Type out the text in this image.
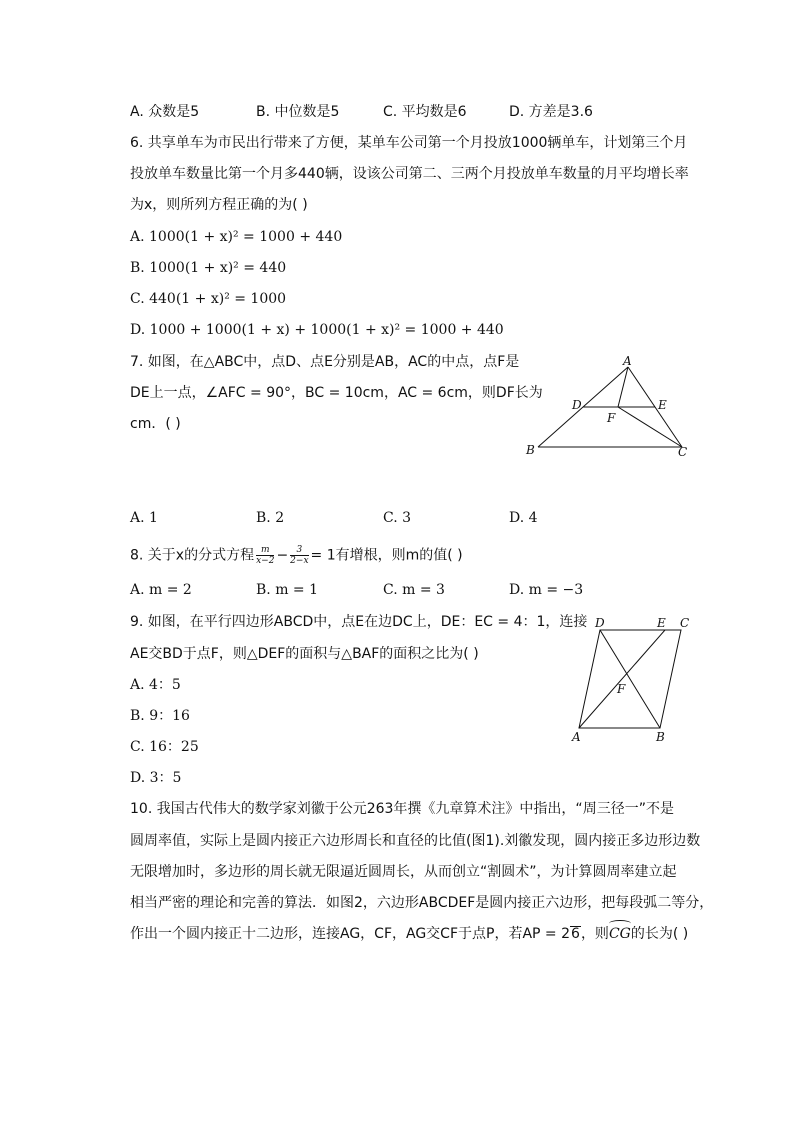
A. 众数是5	B. 中位数是5	C. 平均数是6	D. 方差是3.6
6. 共享单车为市民出行带来了方便，某单车公司第一个月投放1000辆单车，计划第三个月
投放单车数量比第一个月多440辆，设该公司第二、三两个月投放单车数量的月平均增长率
为x，则所列方程正确的为( )
A. 1000(1 + x)² = 1000 + 440
B. 1000(1 + x)² = 440
C. 440(1 + x)² = 1000
D. 1000 + 1000(1 + x) + 1000(1 + x)² = 1000 + 440
7. 如图，在△ABC中，点D、点E分别是AB，AC的中点，点F是
DE上一点，∠AFC = 90°，BC = 10cm，AC = 6cm，则DF长为
cm．( )
A
D	E
F
B	C
A. 1	B. 2	C. 3	D. 4
8. 关于x的分式方程 $\frac{m}{x-2} - \frac{3}{2-x} = 1$有增根，则m的值( )
A. m = 2	B. m = 1	C. m = 3	D. m = −3
9. 如图，在平行四边形ABCD中，点E在边DC上，DE：EC = 4：1，连接
AE交BD于点F，则△DEF的面积与△BAF的面积之比为( )
A. 4：5
B. 9：16
C. 16：25
D. 3：5
D	E C
F
A	B
10. 我国古代伟大的数学家刘徽于公元263年撰《九章算术注》中指出，“周三径一”不是
圆周率值，实际上是圆内接正六边形周长和直径的比值(图1).刘徽发现，圆内接正多边形边数
无限增加时，多边形的周长就无限逼近圆周长，从而创立“割圆术”，为计算圆周率建立起
相当严密的理论和完善的算法．如图2，六边形ABCDEF是圆内接正六边形，把每段弧二等分，
作出一个圆内接正十二边形，连接AG，CF，AG交CF于点P，若AP = 26，则CG的长为( )
